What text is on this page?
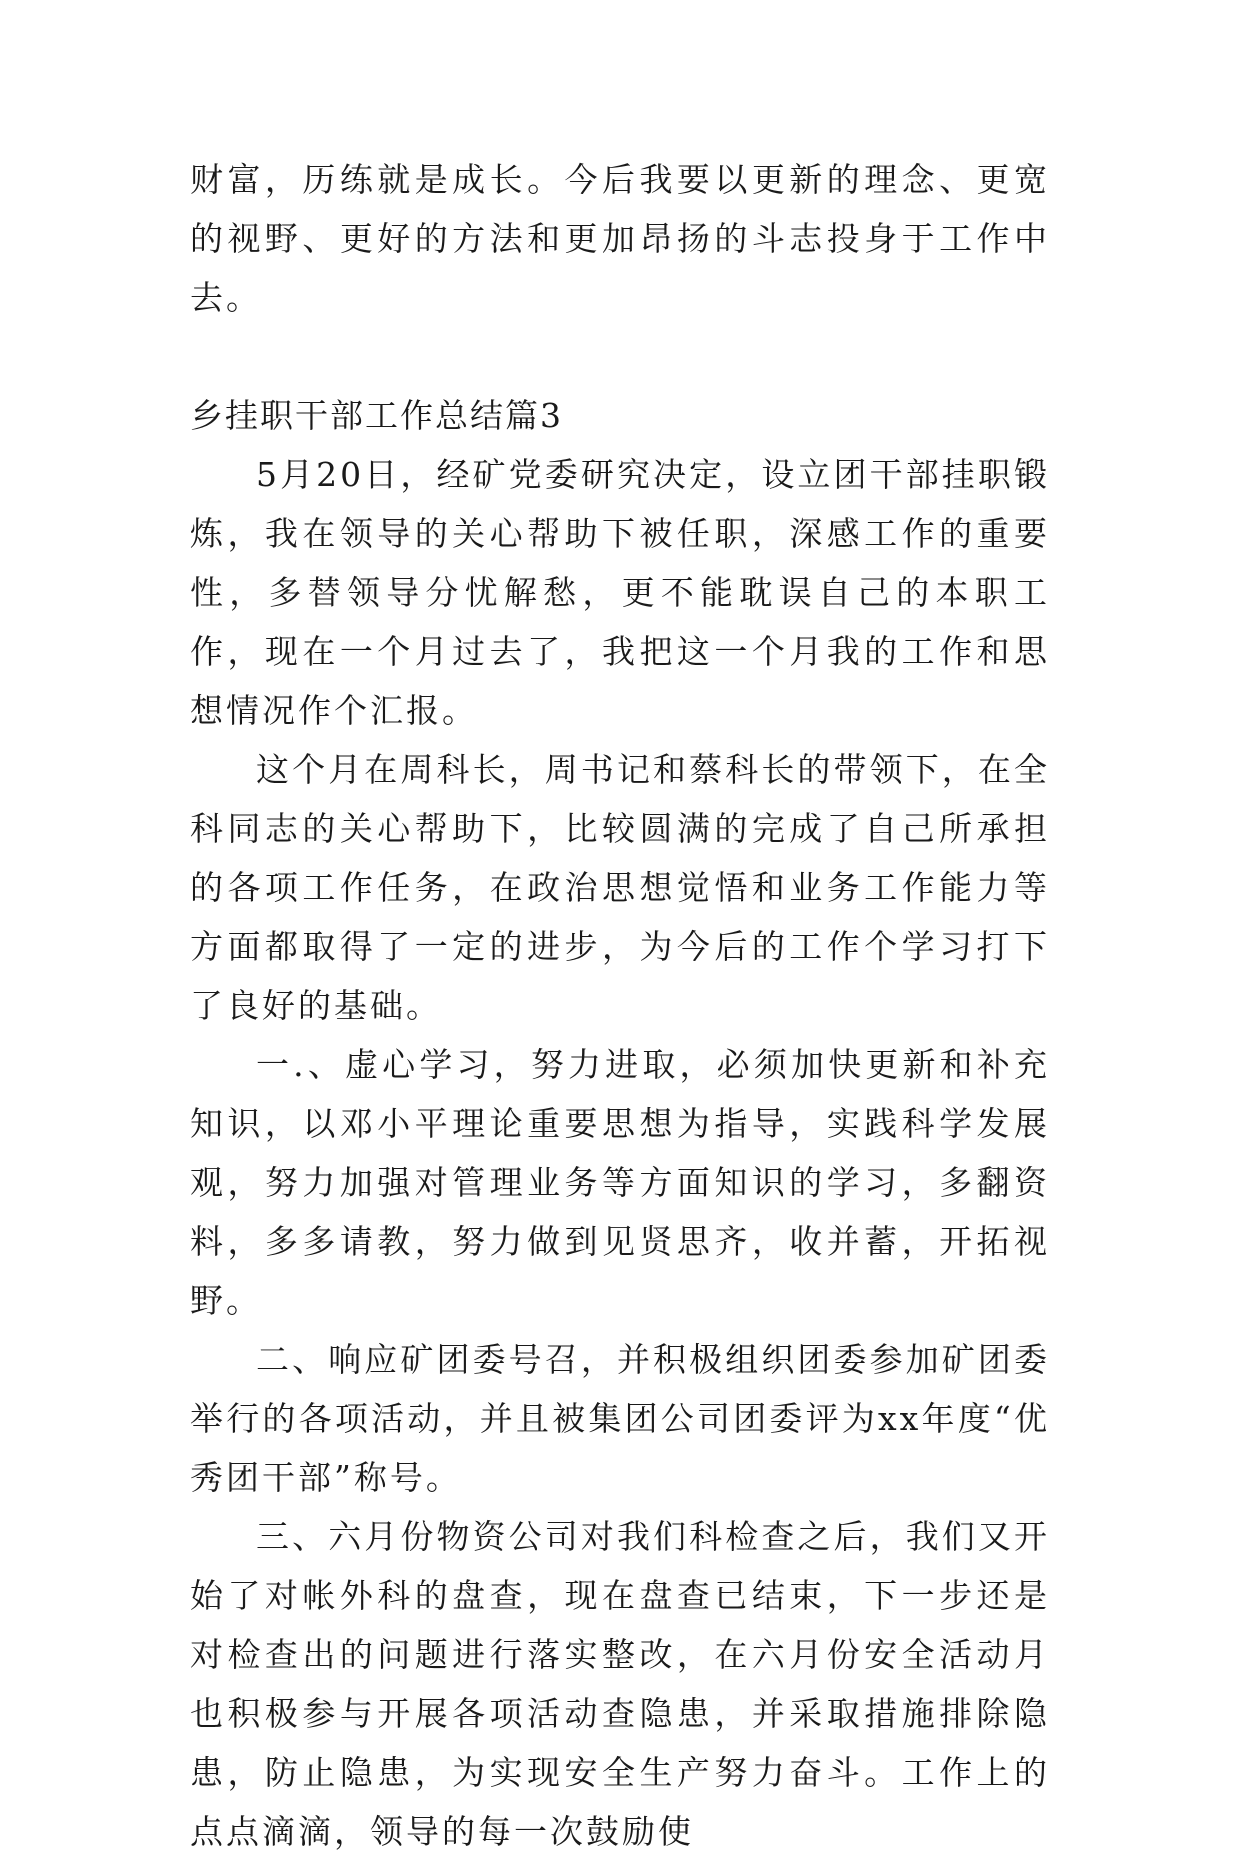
财富，历练就是成长。今后我要以更新的理念、更宽的视野、更好的方法和更加昂扬的斗志投身于工作中去。

乡挂职干部工作总结篇3

5月20日，经矿党委研究决定，设立团干部挂职锻炼，我在领导的关心帮助下被任职，深感工作的重要性，多替领导分忧解愁，更不能耽误自己的本职工作，现在一个月过去了，我把这一个月我的工作和思想情况作个汇报。

这个月在周科长，周书记和蔡科长的带领下，在全科同志的关心帮助下，比较圆满的完成了自己所承担的各项工作任务，在政治思想觉悟和业务工作能力等方面都取得了一定的进步，为今后的工作个学习打下了良好的基础。

一.、虚心学习，努力进取，必须加快更新和补充知识，以邓小平理论重要思想为指导，实践科学发展观，努力加强对管理业务等方面知识的学习，多翻资料，多多请教，努力做到见贤思齐，收并蓄，开拓视野。

二、响应矿团委号召，并积极组织团委参加矿团委举行的各项活动，并且被集团公司团委评为xx年度“优秀团干部”称号。

三、六月份物资公司对我们科检查之后，我们又开始了对帐外科的盘查，现在盘查已结束，下一步还是对检查出的问题进行落实整改，在六月份安全活动月也积极参与开展各项活动查隐患，并采取措施排除隐患，防止隐患，为实现安全生产努力奋斗。工作上的点点滴滴，领导的每一次鼓励使
